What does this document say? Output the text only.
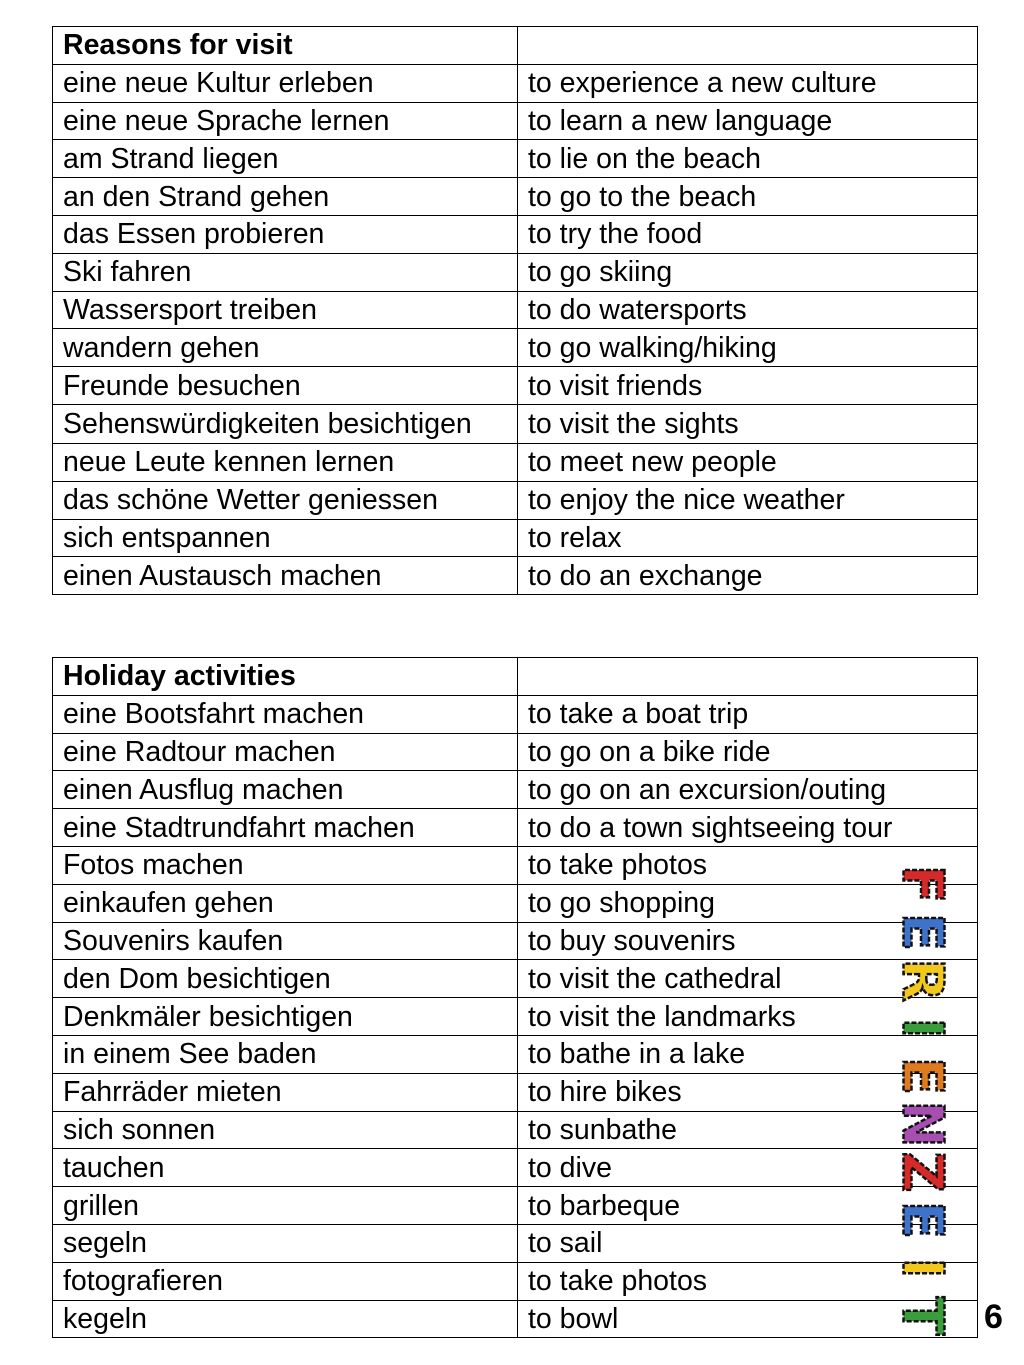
Reasons for visit	
eine neue Kultur erleben	to experience a new culture
eine neue Sprache lernen	to learn a new language
am Strand liegen	to lie on the beach
an den Strand gehen	to go to the beach
das Essen probieren	to try the food
Ski fahren	to go skiing
Wassersport treiben	to do watersports
wandern gehen	to go walking/hiking
Freunde besuchen	to visit friends
Sehenswürdigkeiten besichtigen	to visit the sights
neue Leute kennen lernen	to meet new people
das schöne Wetter geniessen	to enjoy the nice weather
sich entspannen	to relax
einen Austausch machen	to do an exchange
Holiday activities	
eine Bootsfahrt machen	to take a boat trip
eine Radtour machen	to go on a bike ride
einen Ausflug machen	to go on an excursion/outing
eine Stadtrundfahrt machen	to do a town sightseeing tour
Fotos machen	to take photos
einkaufen gehen	to go shopping
Souvenirs kaufen	to buy souvenirs
den Dom besichtigen	to visit the cathedral
Denkmäler besichtigen	to visit the landmarks
in einem See baden	to bathe in a lake
Fahrräder mieten	to hire bikes
sich sonnen	to sunbathe
tauchen	to dive
grillen	to barbeque
segeln	to sail
fotografieren	to take photos
kegeln	to bowl
F
E
R
I
E
N
Z
E
I
T 6
